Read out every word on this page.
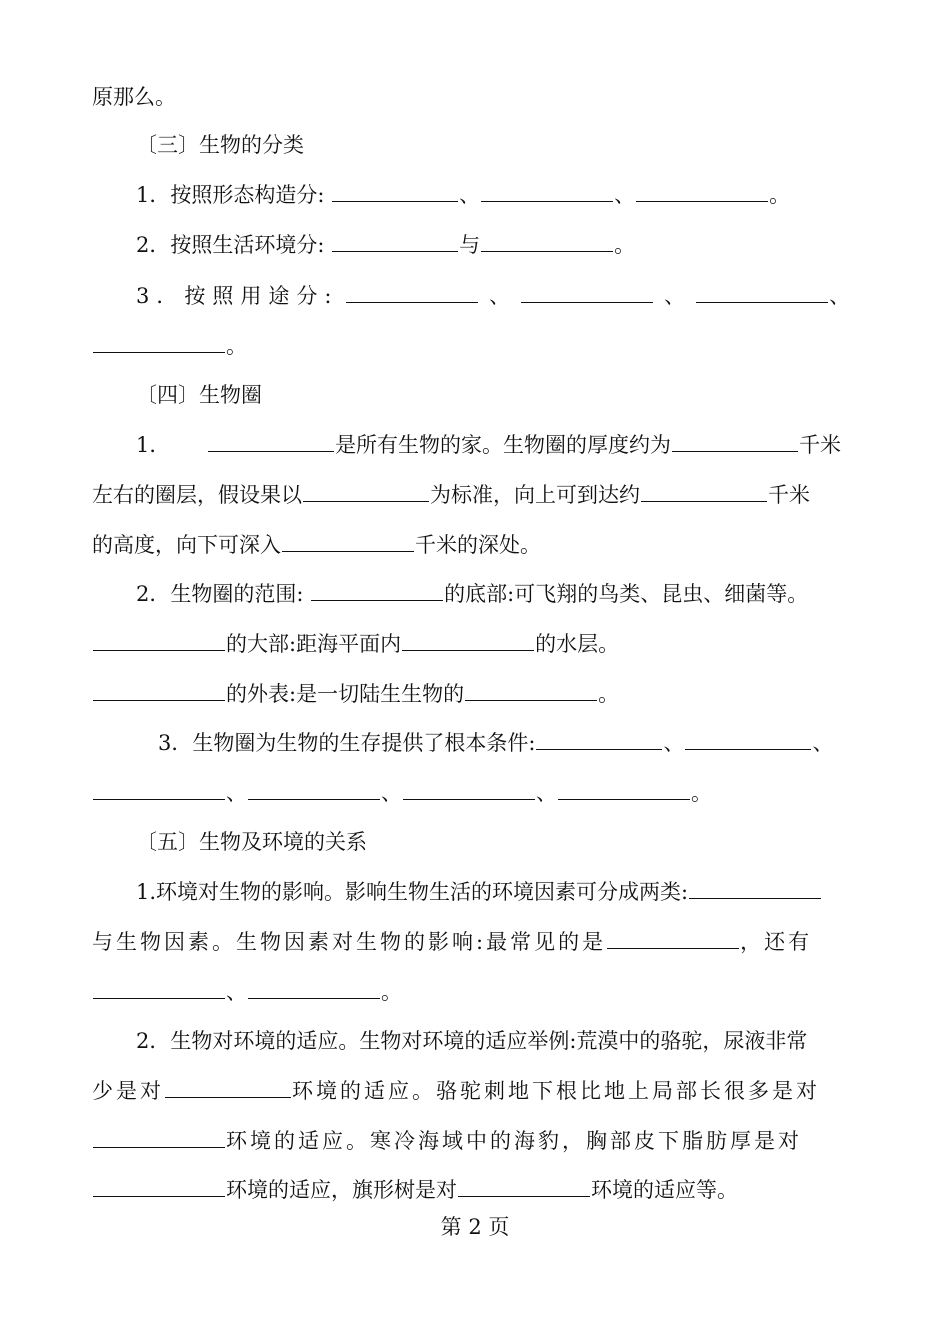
原那么。
〔三〕生物的分类
1．按照形态构造分:	、	、	。
2．按照生活环境分:	与	。
3．按照用途分:	、	、	、
。
〔四〕生物圈
1．	是所有生物的家。生物圈的厚度约为	千米
左右的圈层，假设果以	为标准，向上可到达约	千米
的高度，向下可深入	千米的深处。
2．生物圈的范围:	的底部:可飞翔的鸟类、昆虫、细菌等。
的大部:距海平面内	的水层。
的外表:是一切陆生生物的	。
3．生物圈为生物的生存提供了根本条件:	、	、
、	、	、	。
〔五〕生物及环境的关系
1.环境对生物的影响。影响生物生活的环境因素可分成两类:
与生物因素。生物因素对生物的影响:最常见的是	，还有
、	。
2．生物对环境的适应。生物对环境的适应举例:荒漠中的骆驼，尿液非常
少是对	环境的适应。骆驼刺地下根比地上局部长很多是对
环境的适应。寒冷海域中的海豹，胸部皮下脂肪厚是对
环境的适应，旗形树是对	环境的适应等。
第 2 页
